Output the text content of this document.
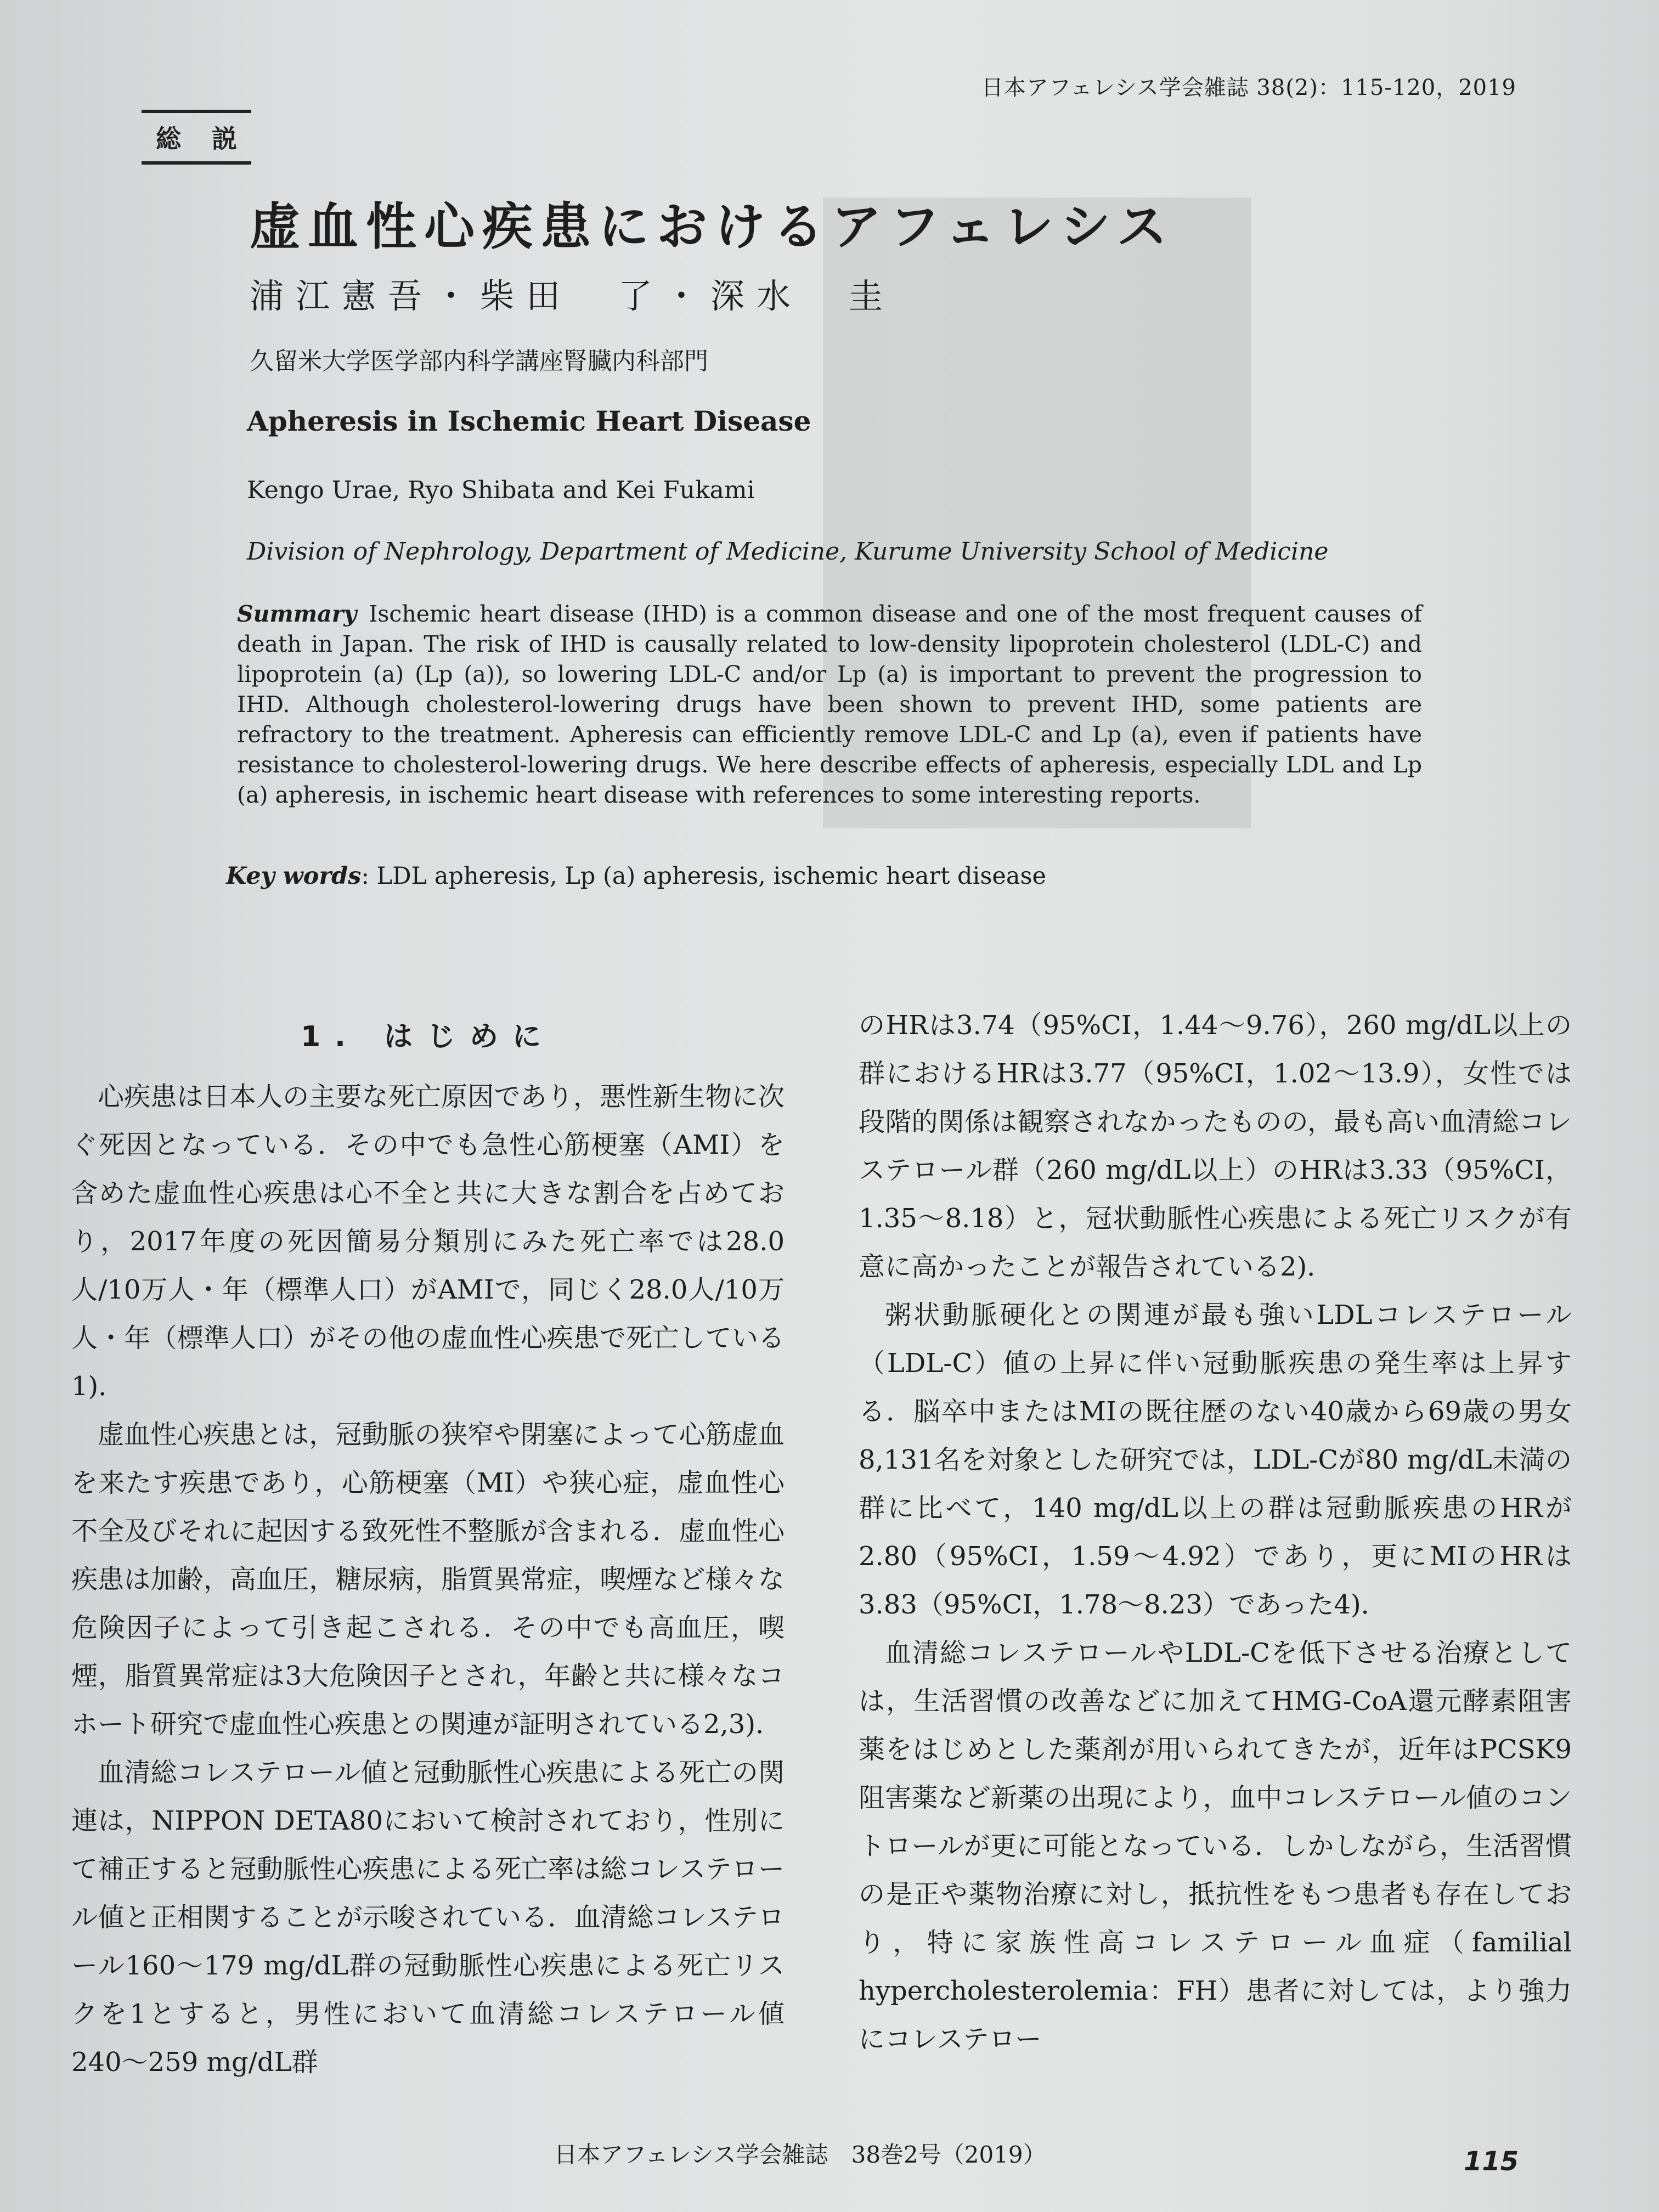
日本アフェレシス学会雑誌 38(2)：115-120，2019
総説
虚血性心疾患におけるアフェレシス
浦江憲吾・柴田　了・深水　圭
久留米大学医学部内科学講座腎臓内科部門
Apheresis in Ischemic Heart Disease
Kengo Urae, Ryo Shibata and Kei Fukami
Division of Nephrology, Department of Medicine, Kurume University School of Medicine
Summary Ischemic heart disease (IHD) is a common disease and one of the most frequent causes of death in Japan. The risk of IHD is causally related to low-density lipoprotein cholesterol (LDL-C) and lipoprotein (a) (Lp (a)), so lowering LDL-C and/or Lp (a) is important to prevent the progression to IHD. Although cholesterol-lowering drugs have been shown to prevent IHD, some patients are refractory to the treatment. Apheresis can efficiently remove LDL-C and Lp (a), even if patients have resistance to cholesterol-lowering drugs. We here describe effects of apheresis, especially LDL and Lp (a) apheresis, in ischemic heart disease with references to some interesting reports.
Key words: LDL apheresis, Lp (a) apheresis, ischemic heart disease
1. はじめに

心疾患は日本人の主要な死亡原因であり，悪性新生物に次ぐ死因となっている．その中でも急性心筋梗塞（AMI）を含めた虚血性心疾患は心不全と共に大きな割合を占めており，2017年度の死因簡易分類別にみた死亡率では28.0人/10万人・年（標準人口）がAMIで，同じく28.0人/10万人・年（標準人口）がその他の虚血性心疾患で死亡している1)．

虚血性心疾患とは，冠動脈の狭窄や閉塞によって心筋虚血を来たす疾患であり，心筋梗塞（MI）や狭心症，虚血性心不全及びそれに起因する致死性不整脈が含まれる．虚血性心疾患は加齢，高血圧，糖尿病，脂質異常症，喫煙など様々な危険因子によって引き起こされる．その中でも高血圧，喫煙，脂質異常症は3大危険因子とされ，年齢と共に様々なコホート研究で虚血性心疾患との関連が証明されている2,3)．

血清総コレステロール値と冠動脈性心疾患による死亡の関連は，NIPPON DETA80において検討されており，性別にて補正すると冠動脈性心疾患による死亡率は総コレステロール値と正相関することが示唆されている．血清総コレステロール160〜179 mg/dL群の冠動脈性心疾患による死亡リスクを1とすると，男性において血清総コレステロール値240〜259 mg/dL群

のHRは3.74（95%CI，1.44〜9.76），260 mg/dL以上の群におけるHRは3.77（95%CI，1.02〜13.9），女性では段階的関係は観察されなかったものの，最も高い血清総コレステロール群（260 mg/dL以上）のHRは3.33（95%CI，1.35〜8.18）と，冠状動脈性心疾患による死亡リスクが有意に高かったことが報告されている2)．

粥状動脈硬化との関連が最も強いLDLコレステロール（LDL-C）値の上昇に伴い冠動脈疾患の発生率は上昇する．脳卒中またはMIの既往歴のない40歳から69歳の男女8,131名を対象とした研究では，LDL-Cが80 mg/dL未満の群に比べて，140 mg/dL以上の群は冠動脈疾患のHRが2.80（95%CI，1.59〜4.92）であり，更にMIのHRは3.83（95%CI，1.78〜8.23）であった4)．

血清総コレステロールやLDL-Cを低下させる治療としては，生活習慣の改善などに加えてHMG-CoA還元酵素阻害薬をはじめとした薬剤が用いられてきたが，近年はPCSK9阻害薬など新薬の出現により，血中コレステロール値のコントロールが更に可能となっている．しかしながら，生活習慣の是正や薬物治療に対し，抵抗性をもつ患者も存在しており，特に家族性高コレステロール血症（familial hypercholesterolemia：FH）患者に対しては，より強力にコレステロー

日本アフェレシス学会雑誌　38巻2号（2019）	115
